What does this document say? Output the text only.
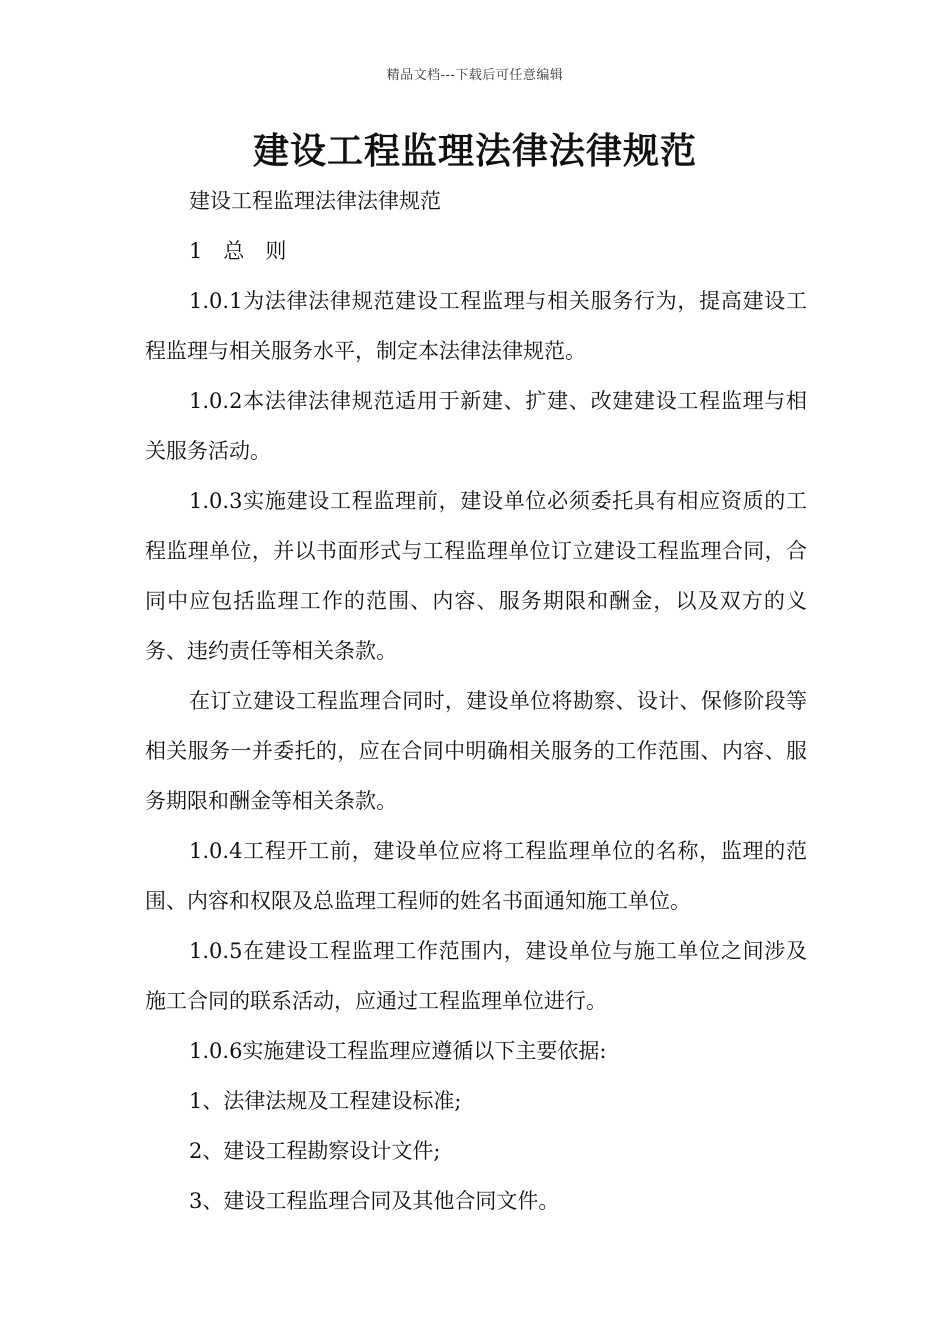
精品文档---下载后可任意编辑
建设工程监理法律法律规范

建设工程监理法律法律规范

1　总　则

1.0.1为法律法律规范建设工程监理与相关服务行为，提高建设工程监理与相关服务水平，制定本法律法律规范。

1.0.2本法律法律规范适用于新建、扩建、改建建设工程监理与相关服务活动。

1.0.3实施建设工程监理前，建设单位必须委托具有相应资质的工程监理单位，并以书面形式与工程监理单位订立建设工程监理合同，合同中应包括监理工作的范围、内容、服务期限和酬金，以及双方的义务、违约责任等相关条款。

在订立建设工程监理合同时，建设单位将勘察、设计、保修阶段等相关服务一并委托的，应在合同中明确相关服务的工作范围、内容、服务期限和酬金等相关条款。

1.0.4工程开工前，建设单位应将工程监理单位的名称，监理的范围、内容和权限及总监理工程师的姓名书面通知施工单位。

1.0.5在建设工程监理工作范围内，建设单位与施工单位之间涉及施工合同的联系活动，应通过工程监理单位进行。

1.0.6实施建设工程监理应遵循以下主要依据:

1、法律法规及工程建设标准;

2、建设工程勘察设计文件;

3、建设工程监理合同及其他合同文件。
